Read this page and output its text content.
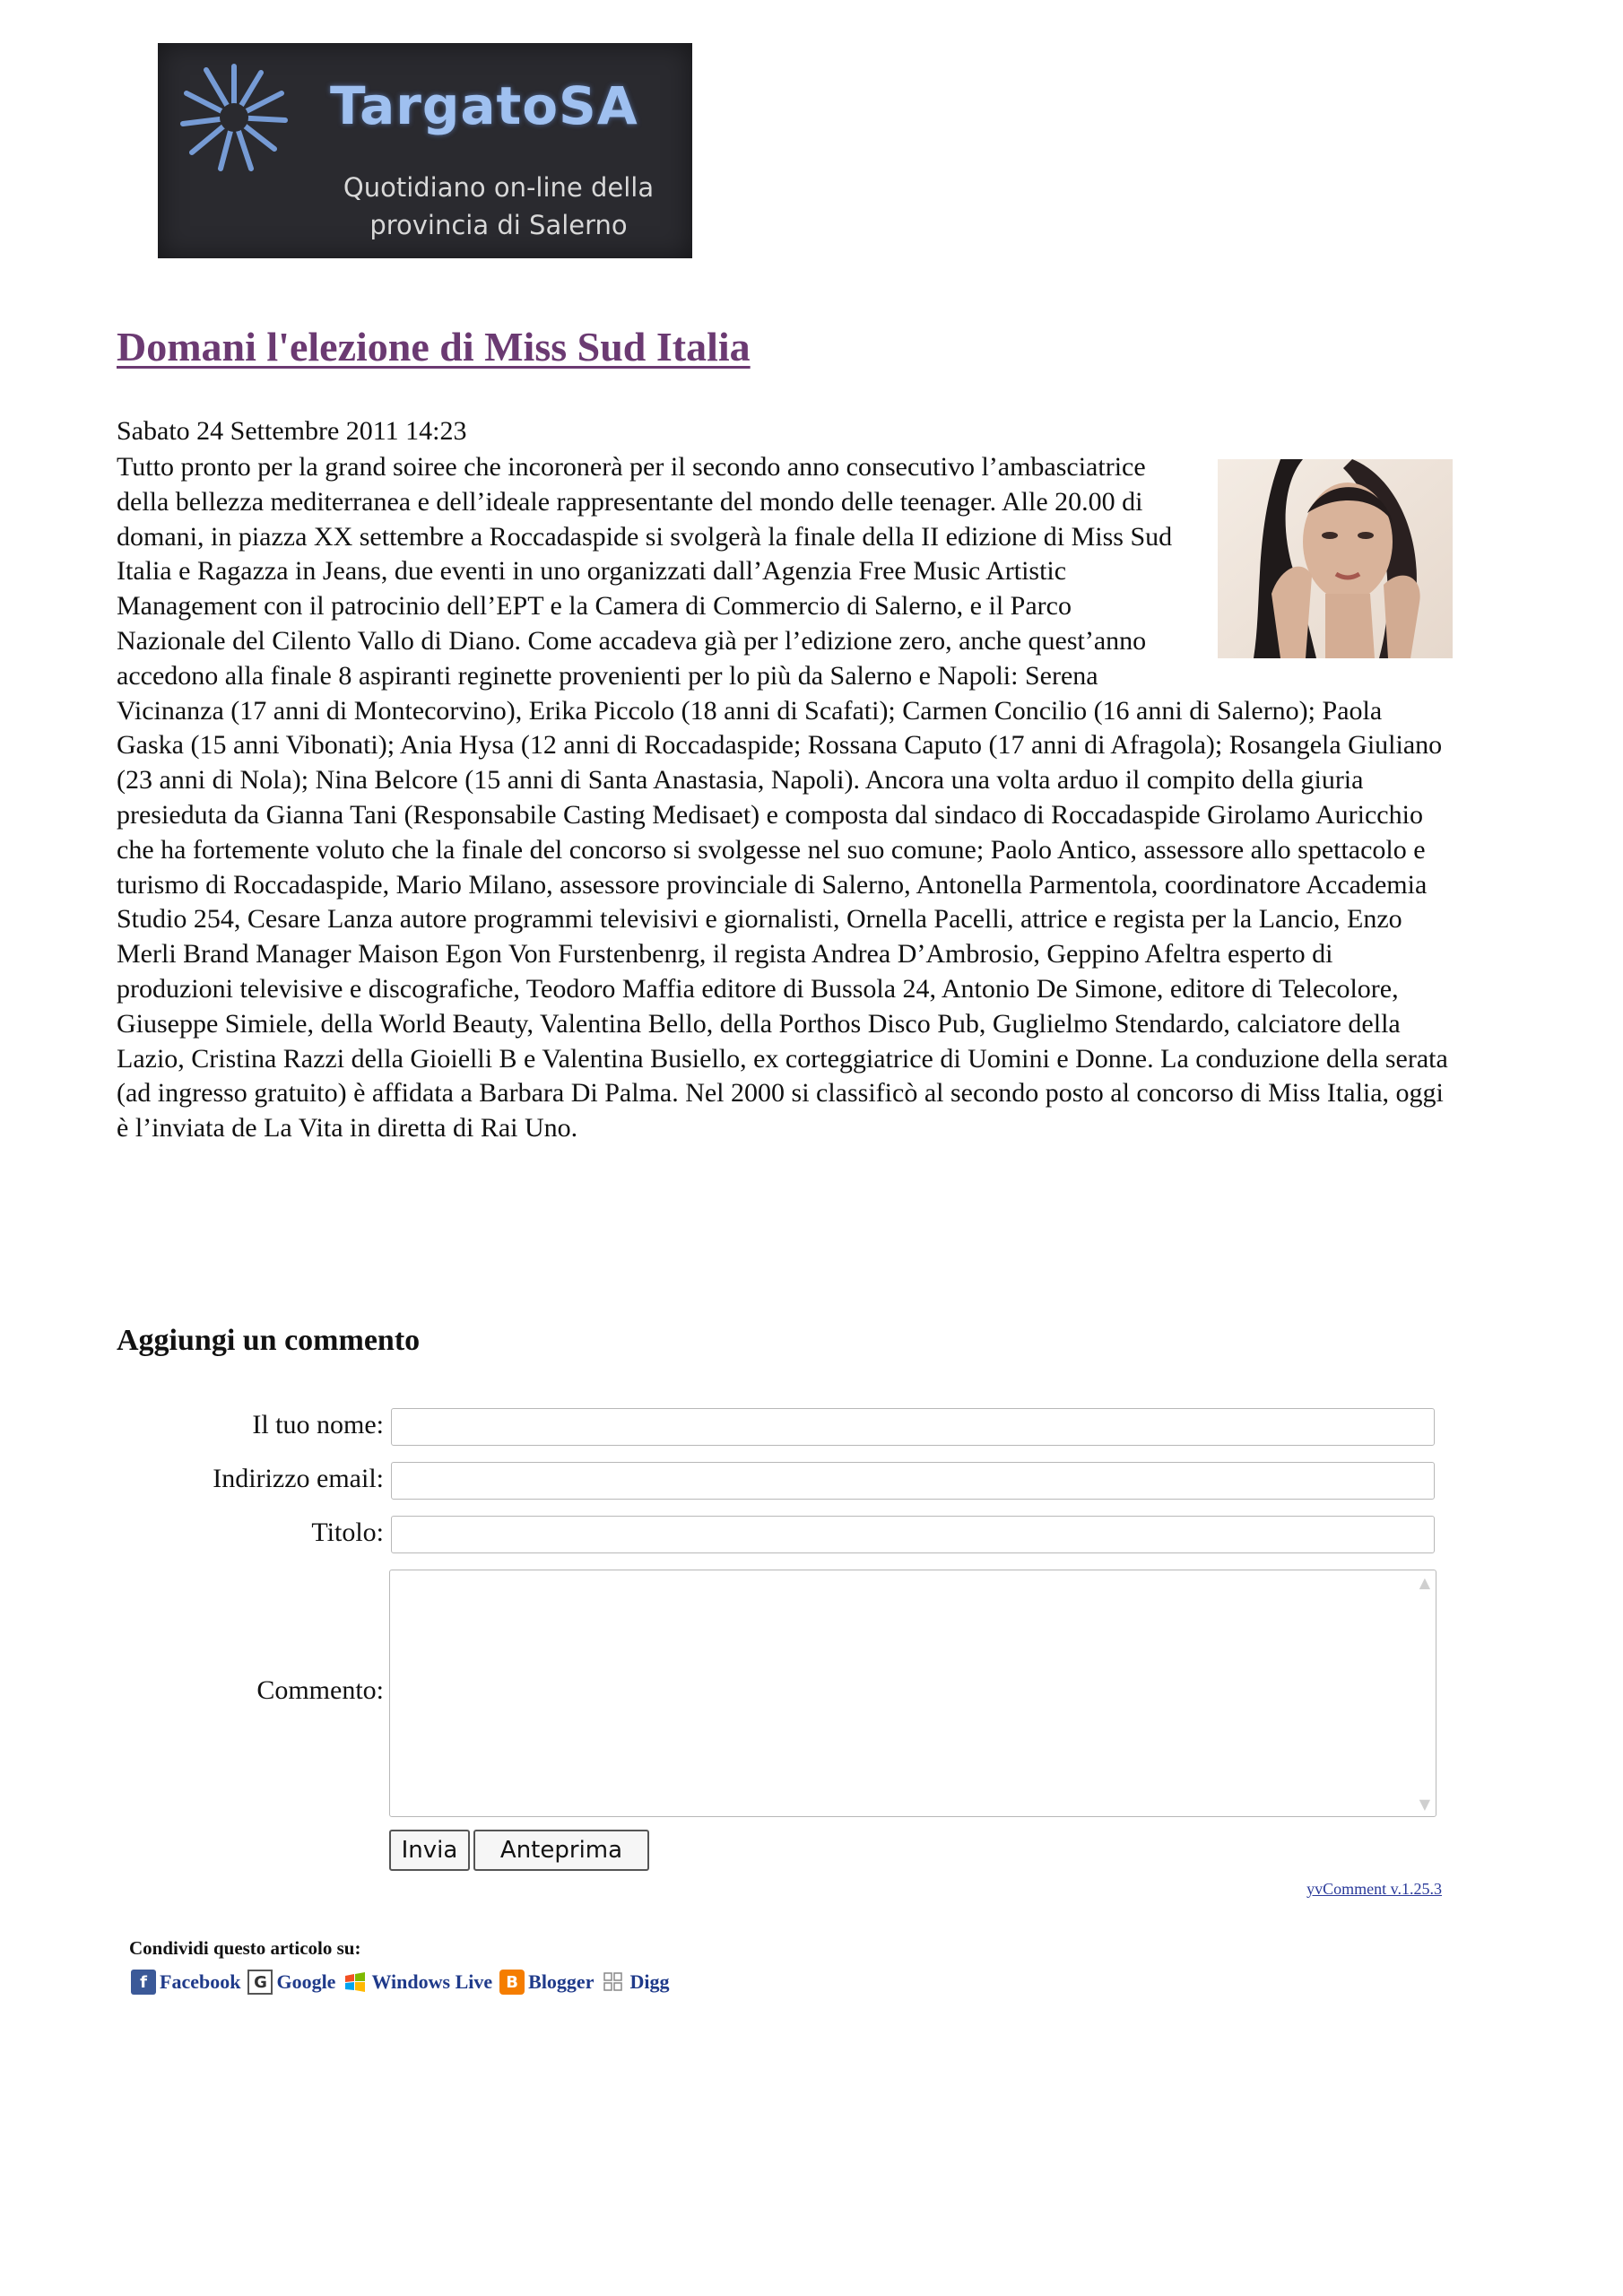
TargatoSA
Quotidiano on-line della
provincia di Salerno
Domani l'elezione di Miss Sud Italia
Sabato 24 Settembre 2011 14:23
Tutto pronto per la grand soiree che incoronerà per il secondo anno consecutivo l’ambasciatrice della bellezza mediterranea e dell’ideale rappresentante del mondo delle teenager. Alle 20.00 di domani, in piazza XX settembre a Roccadaspide si svolgerà la finale della II edizione di Miss Sud Italia e Ragazza in Jeans, due eventi in uno organizzati dall’Agenzia Free Music Artistic Management con il patrocinio dell’EPT e la Camera di Commercio di Salerno, e il Parco Nazionale del Cilento Vallo di Diano. Come accadeva già per l’edizione zero, anche quest’anno accedono alla finale 8 aspiranti reginette provenienti per lo più da Salerno e Napoli: Serena Vicinanza (17 anni di Montecorvino), Erika Piccolo (18 anni di Scafati); Carmen Concilio (16 anni di Salerno); Paola Gaska (15 anni Vibonati); Ania Hysa (12 anni di Roccadaspide; Rossana Caputo (17 anni di Afragola); Rosangela Giuliano (23 anni di Nola); Nina Belcore (15 anni di Santa Anastasia, Napoli). Ancora una volta arduo il compito della giuria presieduta da Gianna Tani (Responsabile Casting Medisaet) e composta dal sindaco di Roccadaspide Girolamo Auricchio che ha fortemente voluto che la finale del concorso si svolgesse nel suo comune; Paolo Antico, assessore allo spettacolo e turismo di Roccadaspide, Mario Milano, assessore provinciale di Salerno, Antonella Parmentola, coordinatore Accademia Studio 254, Cesare Lanza autore programmi televisivi e giornalisti, Ornella Pacelli, attrice e regista per la Lancio, Enzo Merli Brand Manager Maison Egon Von Furstenbenrg, il regista Andrea D’Ambrosio, Geppino Afeltra esperto di produzioni televisive e discografiche, Teodoro Maffia editore di Bussola 24, Antonio De Simone, editore di Telecolore, Giuseppe Simiele, della World Beauty, Valentina Bello, della Porthos Disco Pub, Guglielmo Stendardo, calciatore della Lazio, Cristina Razzi della Gioielli B e Valentina Busiello, ex corteggiatrice di Uomini e Donne. La conduzione della serata (ad ingresso gratuito) è affidata a Barbara Di Palma. Nel 2000 si classificò al secondo posto al concorso di Miss Italia, oggi è l’inviata de La Vita in diretta di Rai Uno.
Aggiungi un commento
Il tuo nome:
Indirizzo email:
Titolo:
Commento:
▲
▼
Invia	Anteprima
yvComment v.1.25.3
Condividi questo articolo su:
f Facebook G Google Windows Live B Blogger Digg
